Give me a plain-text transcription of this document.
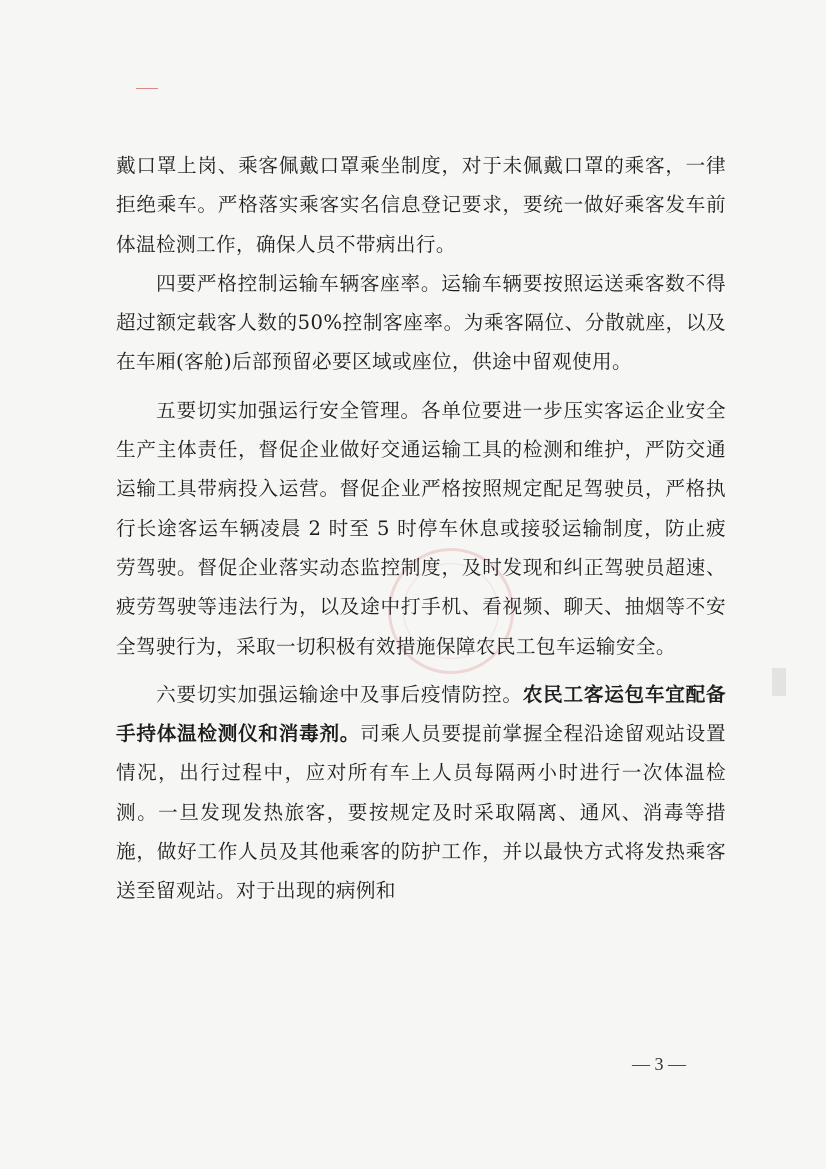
戴口罩上岗、乘客佩戴口罩乘坐制度，对于未佩戴口罩的乘客，一律拒绝乘车。严格落实乘客实名信息登记要求，要统一做好乘客发车前体温检测工作，确保人员不带病出行。

四要严格控制运输车辆客座率。运输车辆要按照运送乘客数不得超过额定载客人数的50%控制客座率。为乘客隔位、分散就座，以及在车厢(客舱)后部预留必要区域或座位，供途中留观使用。

五要切实加强运行安全管理。各单位要进一步压实客运企业安全生产主体责任，督促企业做好交通运输工具的检测和维护，严防交通运输工具带病投入运营。督促企业严格按照规定配足驾驶员，严格执行长途客运车辆凌晨 2 时至 5 时停车休息或接驳运输制度，防止疲劳驾驶。督促企业落实动态监控制度，及时发现和纠正驾驶员超速、疲劳驾驶等违法行为，以及途中打手机、看视频、聊天、抽烟等不安全驾驶行为，采取一切积极有效措施保障农民工包车运输安全。

六要切实加强运输途中及事后疫情防控。农民工客运包车宜配备手持体温检测仪和消毒剂。司乘人员要提前掌握全程沿途留观站设置情况，出行过程中，应对所有车上人员每隔两小时进行一次体温检测。一旦发现发热旅客，要按规定及时采取隔离、通风、消毒等措施，做好工作人员及其他乘客的防护工作，并以最快方式将发热乘客送至留观站。对于出现的病例和

— 3 —
